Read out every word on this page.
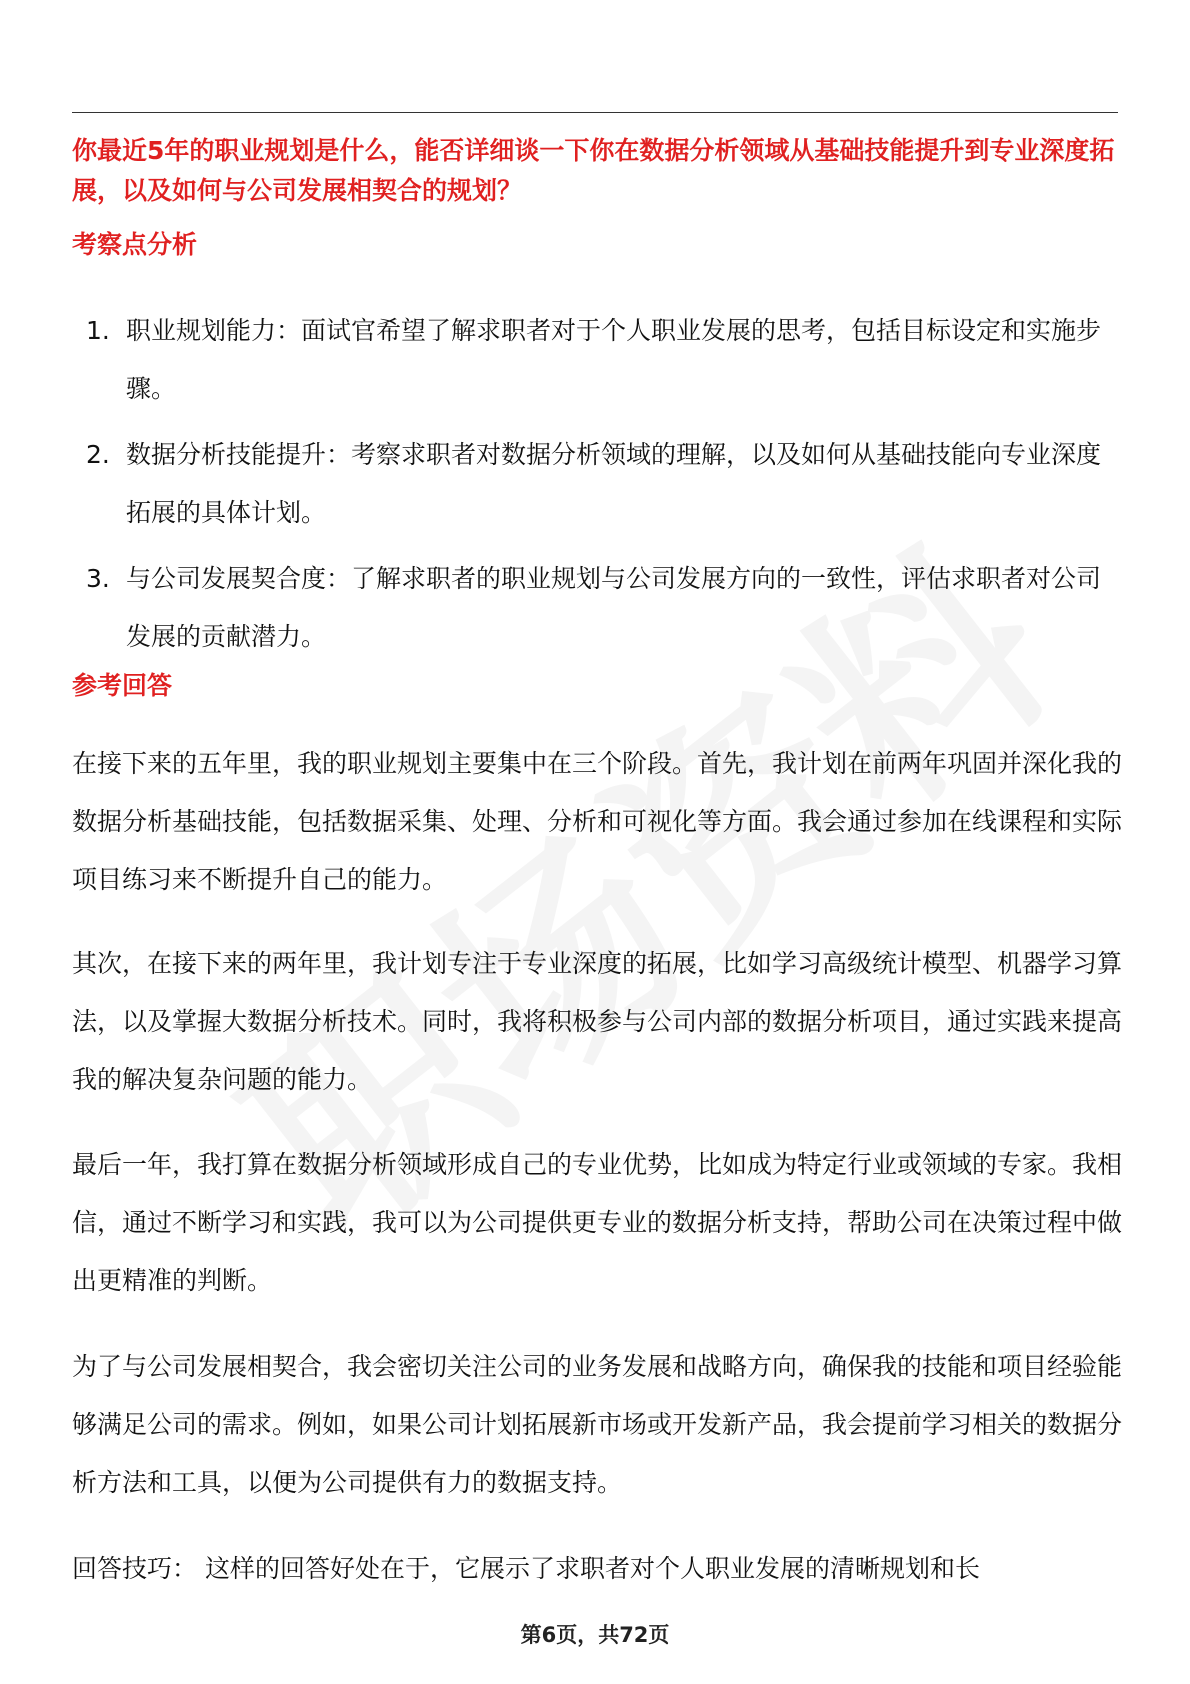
你最近5年的职业规划是什么，能否详细谈一下你在数据分析领域从基础技能提升到专业深度拓展，以及如何与公司发展相契合的规划？
考察点分析
1. 职业规划能力：面试官希望了解求职者对于个人职业发展的思考，包括目标设定和实施步骤。
2. 数据分析技能提升：考察求职者对数据分析领域的理解，以及如何从基础技能向专业深度拓展的具体计划。
3. 与公司发展契合度：了解求职者的职业规划与公司发展方向的一致性，评估求职者对公司发展的贡献潜力。
参考回答

在接下来的五年里，我的职业规划主要集中在三个阶段。首先，我计划在前两年巩固并深化我的数据分析基础技能，包括数据采集、处理、分析和可视化等方面。我会通过参加在线课程和实际项目练习来不断提升自己的能力。

其次，在接下来的两年里，我计划专注于专业深度的拓展，比如学习高级统计模型、机器学习算法，以及掌握大数据分析技术。同时，我将积极参与公司内部的数据分析项目，通过实践来提高我的解决复杂问题的能力。

最后一年，我打算在数据分析领域形成自己的专业优势，比如成为特定行业或领域的专家。我相信，通过不断学习和实践，我可以为公司提供更专业的数据分析支持，帮助公司在决策过程中做出更精准的判断。

为了与公司发展相契合，我会密切关注公司的业务发展和战略方向，确保我的技能和项目经验能够满足公司的需求。例如，如果公司计划拓展新市场或开发新产品，我会提前学习相关的数据分析方法和工具，以便为公司提供有力的数据支持。

回答技巧： 这样的回答好处在于，它展示了求职者对个人职业发展的清晰规划和长

第6页，共72页
